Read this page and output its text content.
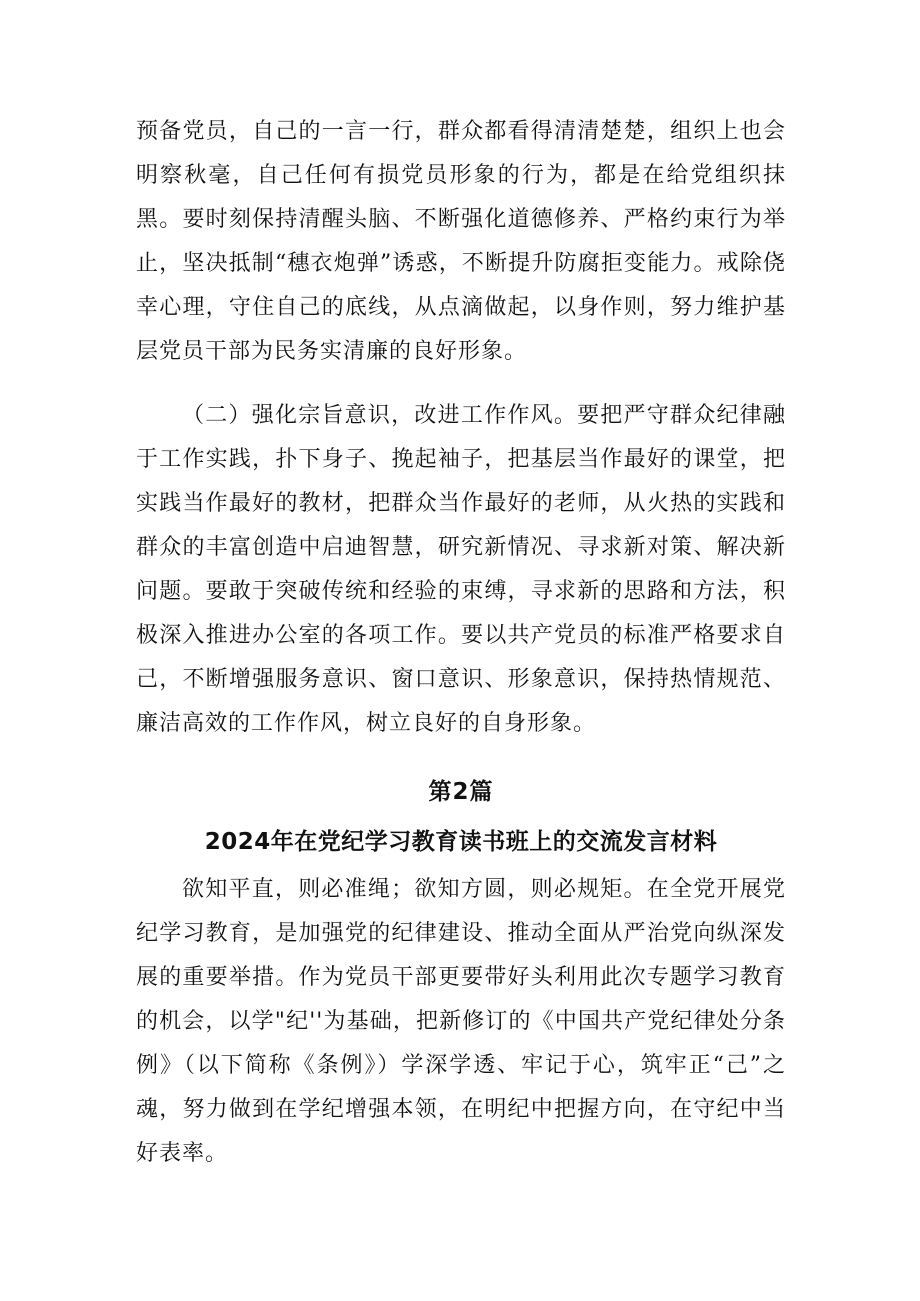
预备党员，自己的一言一行，群众都看得清清楚楚，组织上也会明察秋毫，自己任何有损党员形象的行为，都是在给党组织抹黑。要时刻保持清醒头脑、不断强化道德修养、严格约束行为举止，坚决抵制“穗衣炮弹”诱惑，不断提升防腐拒变能力。戒除侥幸心理，守住自己的底线，从点滴做起，以身作则，努力维护基层党员干部为民务实清廉的良好形象。

（二）强化宗旨意识，改进工作作风。要把严守群众纪律融于工作实践，扑下身子、挽起袖子，把基层当作最好的课堂，把实践当作最好的教材，把群众当作最好的老师，从火热的实践和群众的丰富创造中启迪智慧，研究新情况、寻求新对策、解决新问题。要敢于突破传统和经验的束缚，寻求新的思路和方法，积极深入推进办公室的各项工作。要以共产党员的标准严格要求自己，不断增强服务意识、窗口意识、形象意识，保持热情规范、廉洁高效的工作作风，树立良好的自身形象。

第2篇
2024年在党纪学习教育读书班上的交流发言材料

欲知平直，则必准绳；欲知方圆，则必规矩。在全党开展党纪学习教育，是加强党的纪律建设、推动全面从严治党向纵深发展的重要举措。作为党员干部更要带好头利用此次专题学习教育的机会，以学"纪''为基础，把新修订的《中国共产党纪律处分条例》（以下简称《条例》）学深学透、牢记于心，筑牢正“己”之魂，努力做到在学纪增强本领，在明纪中把握方向，在守纪中当好表率。
